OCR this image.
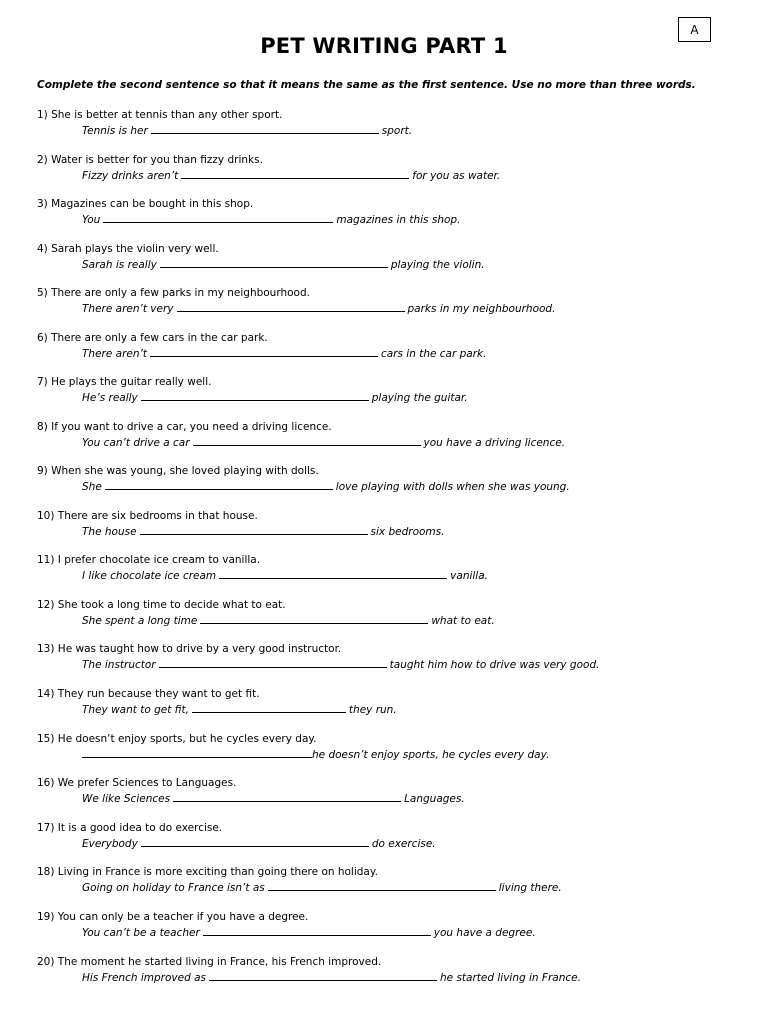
A
PET WRITING PART 1
Complete the second sentence so that it means the same as the first sentence. Use no more than three words.
1) She is better at tennis than any other sport.
Tennis is her	sport.
2) Water is better for you than fizzy drinks.
Fizzy drinks aren’t	for you as water.
3) Magazines can be bought in this shop.
You	magazines in this shop.
4) Sarah plays the violin very well.
Sarah is really	playing the violin.
5) There are only a few parks in my neighbourhood.
There aren’t very	parks in my neighbourhood.
6) There are only a few cars in the car park.
There aren’t	cars in the car park.
7) He plays the guitar really well.
He’s really	playing the guitar.
8) If you want to drive a car, you need a driving licence.
You can’t drive a car	you have a driving licence.
9) When she was young, she loved playing with dolls.
She	love playing with dolls when she was young.
10) There are six bedrooms in that house.
The house	six bedrooms.
11) I prefer chocolate ice cream to vanilla.
I like chocolate ice cream	vanilla.
12) She took a long time to decide what to eat.
She spent a long time	what to eat.
13) He was taught how to drive by a very good instructor.
The instructor	taught him how to drive was very good.
14) They run because they want to get fit.
They want to get fit,	they run.
15) He doesn’t enjoy sports, but he cycles every day.
he doesn’t enjoy sports, he cycles every day.
16) We prefer Sciences to Languages.
We like Sciences	Languages.
17) It is a good idea to do exercise.
Everybody	do exercise.
18) Living in France is more exciting than going there on holiday.
Going on holiday to France isn’t as	living there.
19) You can only be a teacher if you have a degree.
You can’t be a teacher	you have a degree.
20) The moment he started living in France, his French improved.
His French improved as	he started living in France.
